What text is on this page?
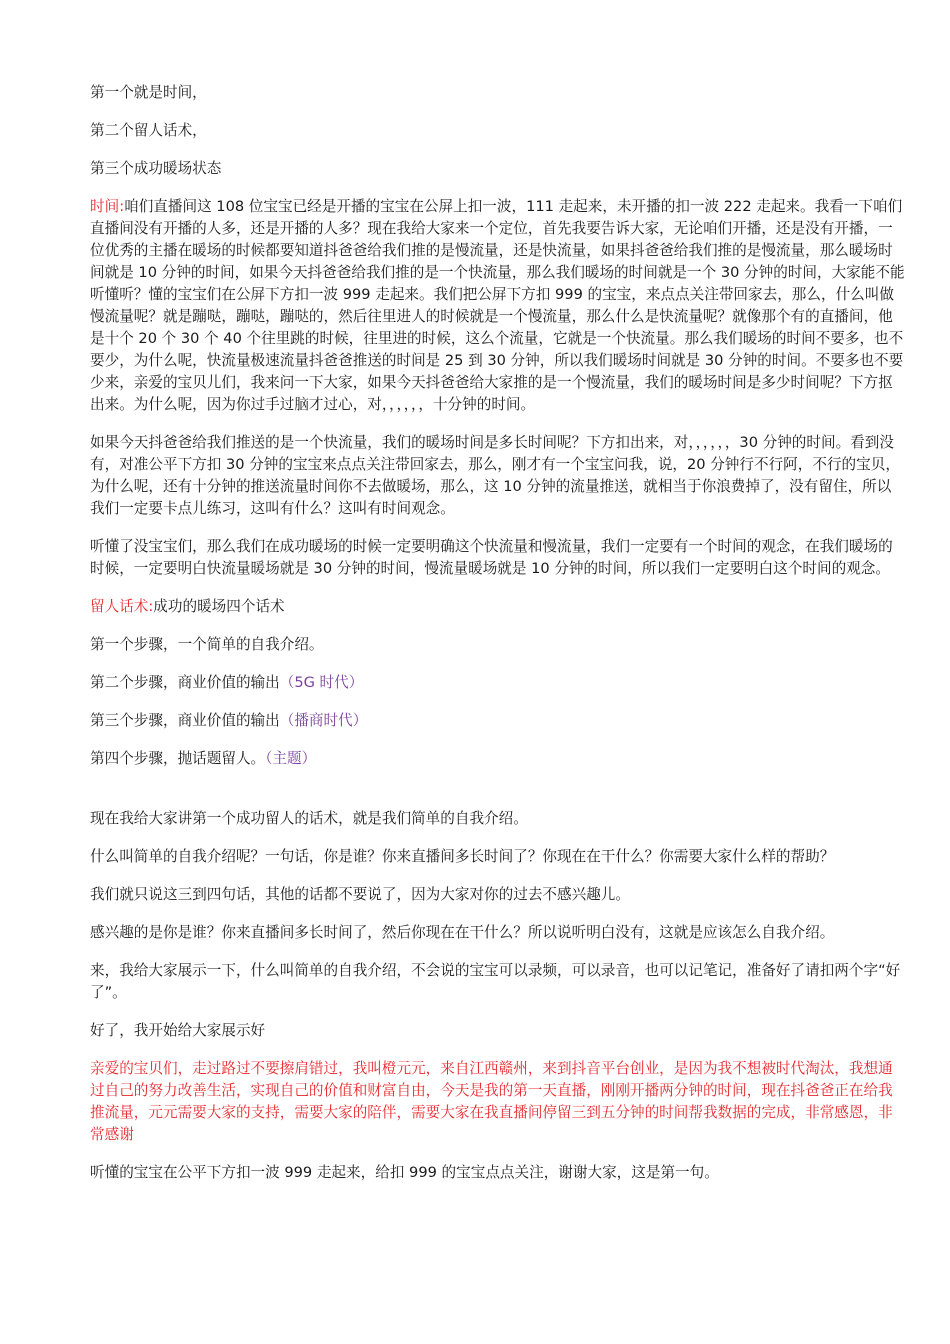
第一个就是时间，

第二个留人话术，

第三个成功暖场状态

时间:咱们直播间这 108 位宝宝已经是开播的宝宝在公屏上扣一波，111 走起来，未开播的扣一波 222 走起来。我看一下咱们直播间没有开播的人多，还是开播的人多？现在我给大家来一个定位，首先我要告诉大家，无论咱们开播，还是没有开播，一位优秀的主播在暖场的时候都要知道抖爸爸给我们推的是慢流量，还是快流量，如果抖爸爸给我们推的是慢流量，那么暖场时间就是 10 分钟的时间，如果今天抖爸爸给我们推的是一个快流量，那么我们暖场的时间就是一个 30 分钟的时间，大家能不能听懂听？懂的宝宝们在公屏下方扣一波 999 走起来。我们把公屏下方扣 999 的宝宝，来点点关注带回家去，那么，什么叫做慢流量呢？就是蹦哒，蹦哒，蹦哒的，然后往里进人的时候就是一个慢流量，那么什么是快流量呢？就像那个有的直播间，他是十个 20 个 30 个 40 个往里跳的时候，往里进的时候，这么个流量，它就是一个快流量。那么我们暖场的时间不要多，也不要少，为什么呢，快流量极速流量抖爸爸推送的时间是 25 到 30 分钟，所以我们暖场时间就是 30 分钟的时间。不要多也不要少来，亲爱的宝贝儿们，我来问一下大家，如果今天抖爸爸给大家推的是一个慢流量，我们的暖场时间是多少时间呢？下方抠出来。为什么呢，因为你过手过脑才过心，对，，，，，，十分钟的时间。

如果今天抖爸爸给我们推送的是一个快流量，我们的暖场时间是多长时间呢？下方扣出来，对，，，，，，30 分钟的时间。看到没有，对准公平下方扣 30 分钟的宝宝来点点关注带回家去，那么，刚才有一个宝宝问我，说，20 分钟行不行阿，不行的宝贝，为什么呢，还有十分钟的推送流量时间你不去做暖场，那么，这 10 分钟的流量推送，就相当于你浪费掉了，没有留住，所以我们一定要卡点儿练习，这叫有什么？这叫有时间观念。

听懂了没宝宝们，那么我们在成功暖场的时候一定要明确这个快流量和慢流量，我们一定要有一个时间的观念，在我们暖场的时候，一定要明白快流量暖场就是 30 分钟的时间，慢流量暖场就是 10 分钟的时间，所以我们一定要明白这个时间的观念。

留人话术:成功的暖场四个话术

第一个步骤，一个简单的自我介绍。

第二个步骤，商业价值的输出（5G 时代）

第三个步骤，商业价值的输出（播商时代）

第四个步骤，抛话题留人。（主题）

现在我给大家讲第一个成功留人的话术，就是我们简单的自我介绍。

什么叫简单的自我介绍呢？一句话，你是谁？你来直播间多长时间了？你现在在干什么？你需要大家什么样的帮助？

我们就只说这三到四句话，其他的话都不要说了，因为大家对你的过去不感兴趣儿。

感兴趣的是你是谁？你来直播间多长时间了，然后你现在在干什么？所以说听明白没有，这就是应该怎么自我介绍。

来，我给大家展示一下，什么叫简单的自我介绍，不会说的宝宝可以录频，可以录音，也可以记笔记，准备好了请扣两个字“好了”。

好了，我开始给大家展示好

亲爱的宝贝们，走过路过不要擦肩错过，我叫橙元元，来自江西赣州，来到抖音平台创业，是因为我不想被时代淘汰，我想通过自己的努力改善生活，实现自己的价值和财富自由，今天是我的第一天直播，刚刚开播两分钟的时间，现在抖爸爸正在给我推流量，元元需要大家的支持，需要大家的陪伴，需要大家在我直播间停留三到五分钟的时间帮我数据的完成，非常感恩，非常感谢

听懂的宝宝在公平下方扣一波 999 走起来，给扣 999 的宝宝点点关注，谢谢大家，这是第一句。
